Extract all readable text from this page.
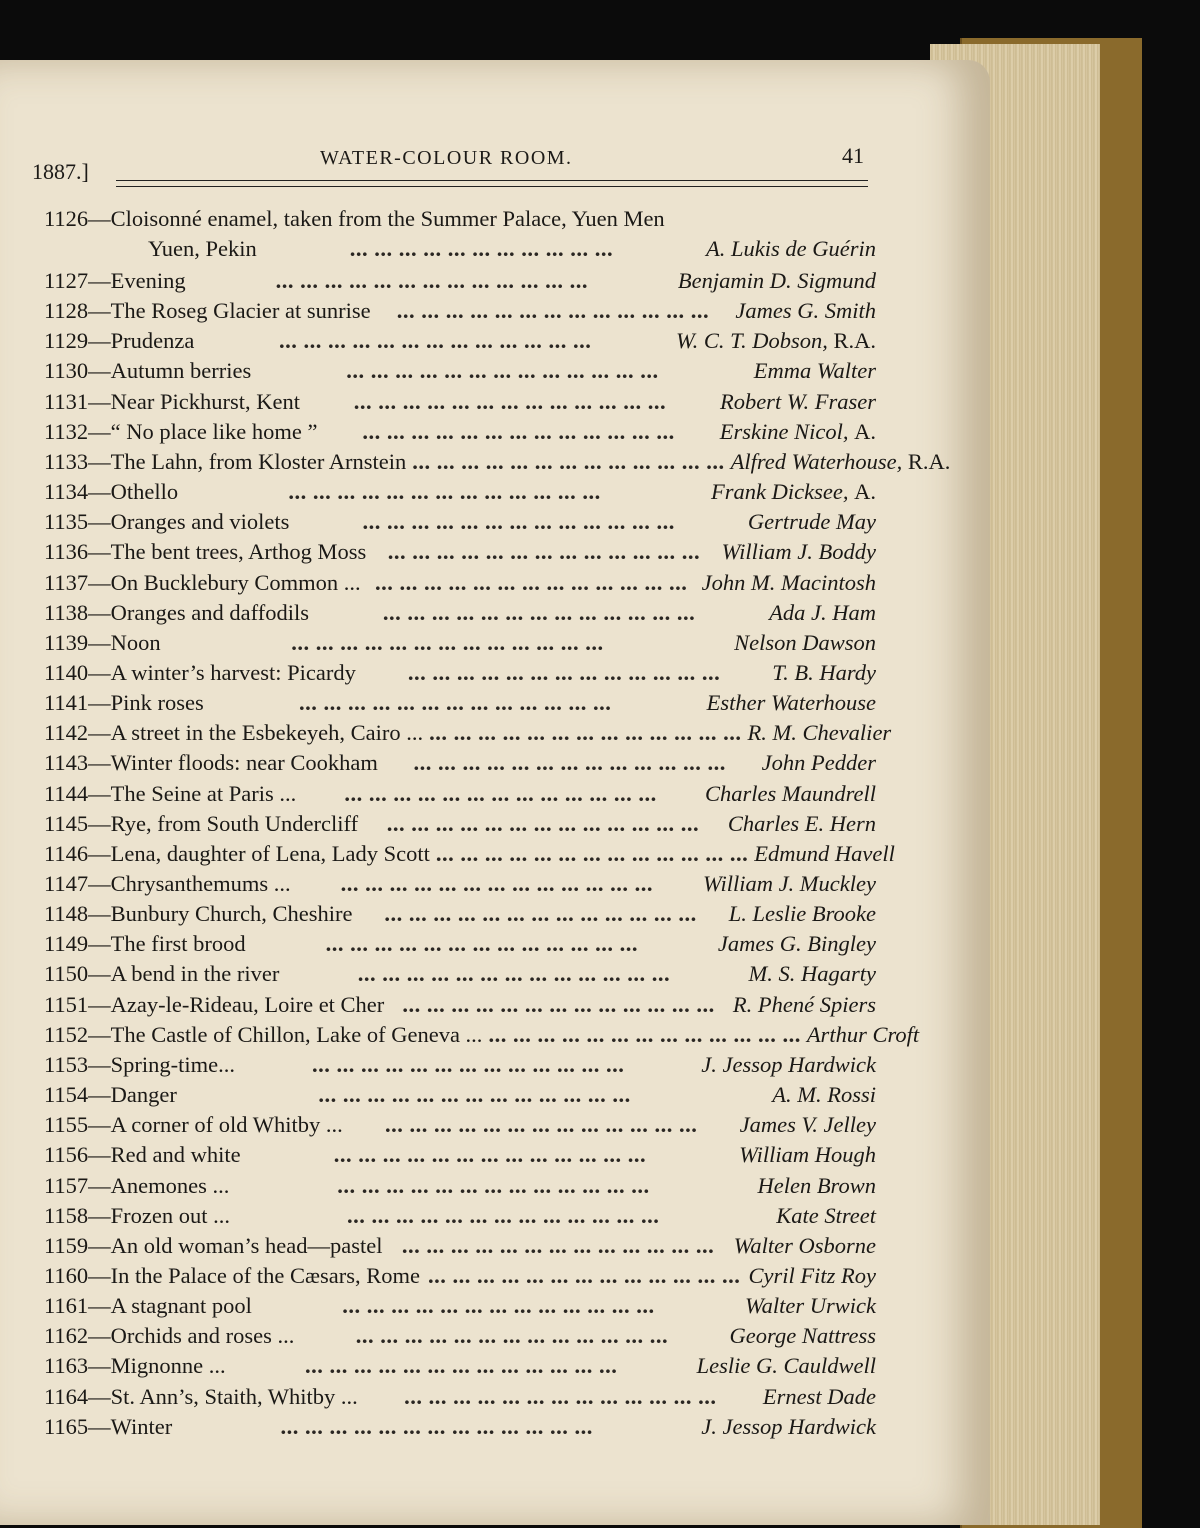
1887.]
WATER-COLOUR ROOM.	41
1126—Cloisonné enamel, taken from the Summer Palace, Yuen Men
Yuen, Pekin	... ... ... ... ... ... ... ... ... ... ...	A. Lukis de Guérin
1127—Evening	... ... ... ... ... ... ... ... ... ... ... ... ...	Benjamin D. Sigmund
1128—The Roseg Glacier at sunrise	... ... ... ... ... ... ... ... ... ... ... ... ...	James G. Smith
1129—Prudenza	... ... ... ... ... ... ... ... ... ... ... ... ...	W. C. T. Dobson, R.A.
1130—Autumn berries	... ... ... ... ... ... ... ... ... ... ... ... ...	Emma Walter
1131—Near Pickhurst, Kent	... ... ... ... ... ... ... ... ... ... ... ... ...	Robert W. Fraser
1132—“ No place like home ”	... ... ... ... ... ... ... ... ... ... ... ... ...	Erskine Nicol, A.
1133—The Lahn, from Kloster Arnstein ... ... ... ... ... ... ... ... ... ... ... ... ... Alfred Waterhouse, R.A.
1134—Othello	... ... ... ... ... ... ... ... ... ... ... ... ...	Frank Dicksee, A.
1135—Oranges and violets	... ... ... ... ... ... ... ... ... ... ... ... ...	Gertrude May
1136—The bent trees, Arthog Moss ... ... ... ... ... ... ... ... ... ... ... ... ... William J. Boddy
1137—On Bucklebury Common ... ... ... ... ... ... ... ... ... ... ... ... ... ... John M. Macintosh
1138—Oranges and daffodils	... ... ... ... ... ... ... ... ... ... ... ... ...	Ada J. Ham
1139—Noon	... ... ... ... ... ... ... ... ... ... ... ... ...	Nelson Dawson
1140—A winter’s harvest: Picardy	... ... ... ... ... ... ... ... ... ... ... ... ...	T. B. Hardy
1141—Pink roses	... ... ... ... ... ... ... ... ... ... ... ... ...	Esther Waterhouse
1142—A street in the Esbekeyeh, Cairo ... ... ... ... ... ... ... ... ... ... ... ... ... ... R. M. Chevalier
1143—Winter floods: near Cookham	... ... ... ... ... ... ... ... ... ... ... ... ...	John Pedder
1144—The Seine at Paris ...	... ... ... ... ... ... ... ... ... ... ... ... ...	Charles Maundrell
1145—Rye, from South Undercliff	... ... ... ... ... ... ... ... ... ... ... ... ...	Charles E. Hern
1146—Lena, daughter of Lena, Lady Scott ... ... ... ... ... ... ... ... ... ... ... ... ... Edmund Havell
1147—Chrysanthemums ...	... ... ... ... ... ... ... ... ... ... ... ... ...	William J. Muckley
1148—Bunbury Church, Cheshire	... ... ... ... ... ... ... ... ... ... ... ... ...	L. Leslie Brooke
1149—The first brood	... ... ... ... ... ... ... ... ... ... ... ... ...	James G. Bingley
1150—A bend in the river	... ... ... ... ... ... ... ... ... ... ... ... ...	M. S. Hagarty
1151—Azay-le-Rideau, Loire et Cher ... ... ... ... ... ... ... ... ... ... ... ... ... R. Phené Spiers
1152—The Castle of Chillon, Lake of Geneva ... ... ... ... ... ... ... ... ... ... ... ... ... ... Arthur Croft
1153—Spring-time...	... ... ... ... ... ... ... ... ... ... ... ... ...	J. Jessop Hardwick
1154—Danger	... ... ... ... ... ... ... ... ... ... ... ... ...	A. M. Rossi
1155—A corner of old Whitby ...	... ... ... ... ... ... ... ... ... ... ... ... ...	James V. Jelley
1156—Red and white	... ... ... ... ... ... ... ... ... ... ... ... ...	William Hough
1157—Anemones ...	... ... ... ... ... ... ... ... ... ... ... ... ...	Helen Brown
1158—Frozen out ...	... ... ... ... ... ... ... ... ... ... ... ... ...	Kate Street
1159—An old woman’s head—pastel ... ... ... ... ... ... ... ... ... ... ... ... ... Walter Osborne
1160—In the Palace of the Cæsars, Rome ... ... ... ... ... ... ... ... ... ... ... ... ... Cyril Fitz Roy
1161—A stagnant pool	... ... ... ... ... ... ... ... ... ... ... ... ...	Walter Urwick
1162—Orchids and roses ...	... ... ... ... ... ... ... ... ... ... ... ... ...	George Nattress
1163—Mignonne ...	... ... ... ... ... ... ... ... ... ... ... ... ...	Leslie G. Cauldwell
1164—St. Ann’s, Staith, Whitby ...	... ... ... ... ... ... ... ... ... ... ... ... ...	Ernest Dade
1165—Winter	... ... ... ... ... ... ... ... ... ... ... ... ...	J. Jessop Hardwick
